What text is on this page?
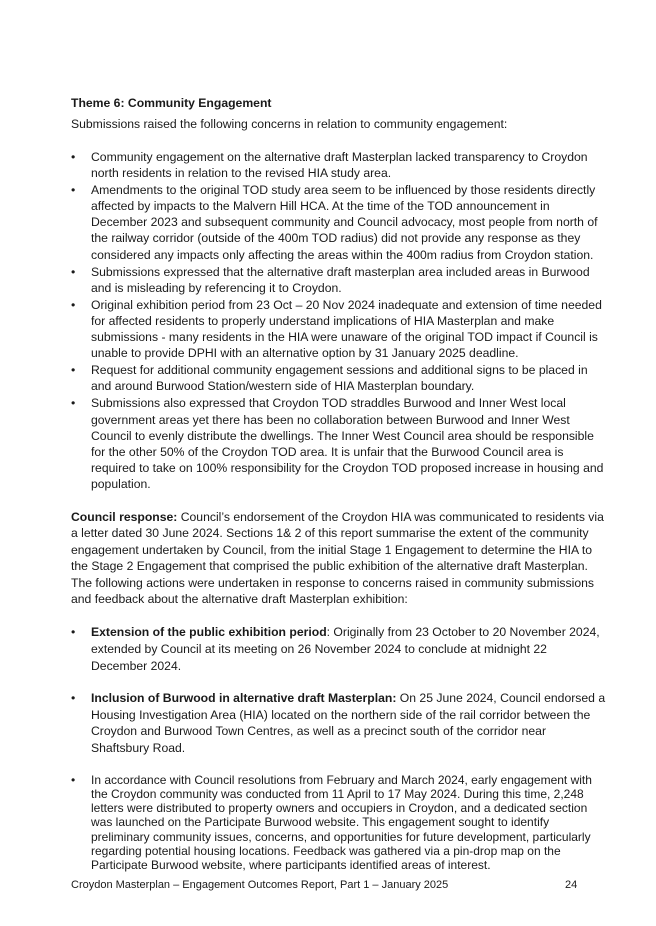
Theme 6: Community Engagement

Submissions raised the following concerns in relation to community engagement:

• Community engagement on the alternative draft Masterplan lacked transparency to Croydon north residents in relation to the revised HIA study area.
• Amendments to the original TOD study area seem to be influenced by those residents directly affected by impacts to the Malvern Hill HCA. At the time of the TOD announcement in December 2023 and subsequent community and Council advocacy, most people from north of the railway corridor (outside of the 400m TOD radius) did not provide any response as they considered any impacts only affecting the areas within the 400m radius from Croydon station.
• Submissions expressed that the alternative draft masterplan area included areas in Burwood and is misleading by referencing it to Croydon.
• Original exhibition period from 23 Oct – 20 Nov 2024 inadequate and extension of time needed for affected residents to properly understand implications of HIA Masterplan and make submissions - many residents in the HIA were unaware of the original TOD impact if Council is unable to provide DPHI with an alternative option by 31 January 2025 deadline.
• Request for additional community engagement sessions and additional signs to be placed in and around Burwood Station/western side of HIA Masterplan boundary.
• Submissions also expressed that Croydon TOD straddles Burwood and Inner West local government areas yet there has been no collaboration between Burwood and Inner West Council to evenly distribute the dwellings. The Inner West Council area should be responsible for the other 50% of the Croydon TOD area. It is unfair that the Burwood Council area is required to take on 100% responsibility for the Croydon TOD proposed increase in housing and population.

Council response: Council’s endorsement of the Croydon HIA was communicated to residents via a letter dated 30 June 2024. Sections 1& 2 of this report summarise the extent of the community engagement undertaken by Council, from the initial Stage 1 Engagement to determine the HIA to the Stage 2 Engagement that comprised the public exhibition of the alternative draft Masterplan. The following actions were undertaken in response to concerns raised in community submissions and feedback about the alternative draft Masterplan exhibition:

• Extension of the public exhibition period: Originally from 23 October to 20 November 2024, extended by Council at its meeting on 26 November 2024 to conclude at midnight 22 December 2024.
• Inclusion of Burwood in alternative draft Masterplan: On 25 June 2024, Council endorsed a Housing Investigation Area (HIA) located on the northern side of the rail corridor between the Croydon and Burwood Town Centres, as well as a precinct south of the corridor near Shaftsbury Road.
• In accordance with Council resolutions from February and March 2024, early engagement with the Croydon community was conducted from 11 April to 17 May 2024. During this time, 2,248 letters were distributed to property owners and occupiers in Croydon, and a dedicated section was launched on the Participate Burwood website. This engagement sought to identify preliminary community issues, concerns, and opportunities for future development, particularly regarding potential housing locations. Feedback was gathered via a pin-drop map on the Participate Burwood website, where participants identified areas of interest.
Croydon Masterplan – Engagement Outcomes Report, Part 1 – January 2025	24
